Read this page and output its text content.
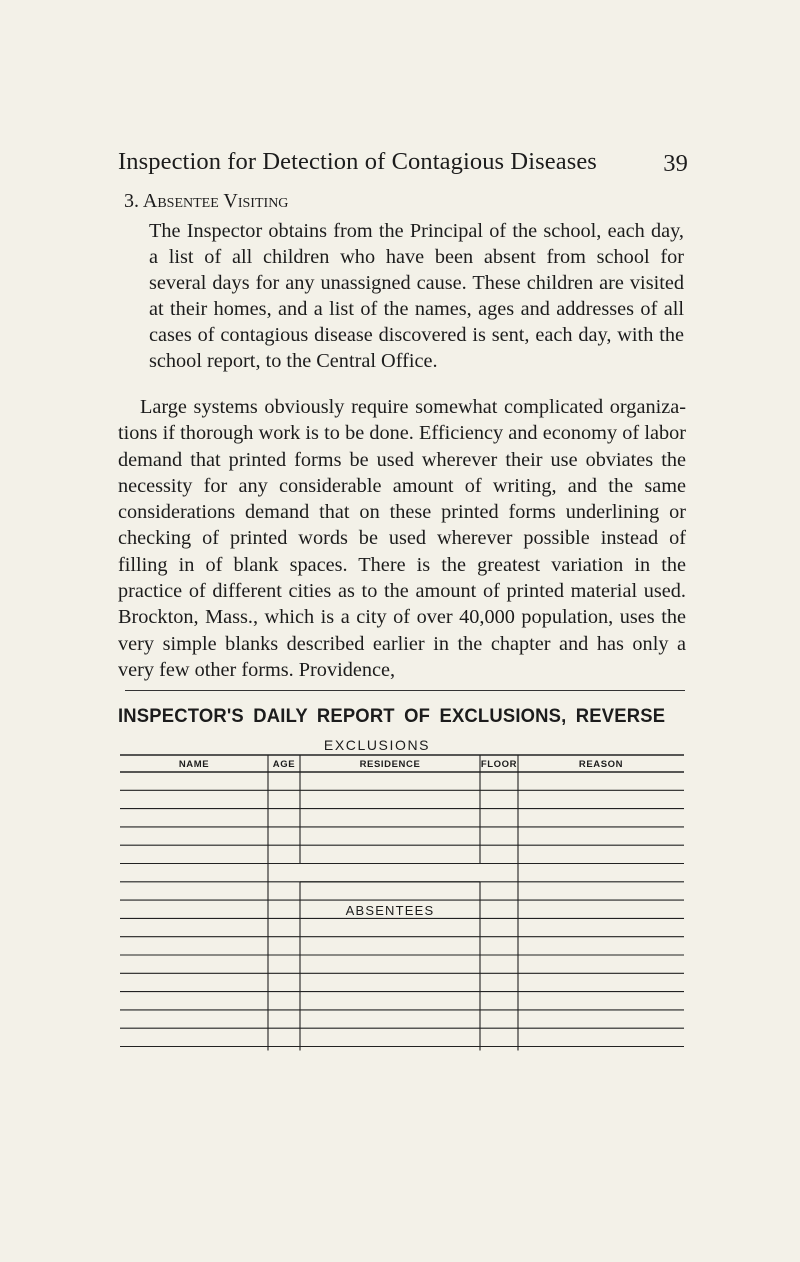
Inspection for Detection of Contagious Diseases	39
3. Absentee Visiting
The Inspector obtains from the Principal of the school, each day, a list of all children who have been absent from school for several days for any unassigned cause. These children are visited at their homes, and a list of the names, ages and addresses of all cases of contagious disease discovered is sent, each day, with the school report, to the Central Office.
Large systems obviously require somewhat complicated organizations if thorough work is to be done. Efficiency and economy of labor demand that printed forms be used wherever their use obviates the necessity for any considerable amount of writing, and the same considerations demand that on these printed forms underlining or checking of printed words be used wherever possible instead of filling in of blank spaces. There is the greatest variation in the practice of different cities as to the amount of printed material used. Brockton, Mass., which is a city of over 40,000 population, uses the very simple blanks described earlier in the chapter and has only a very few other forms. Providence,
INSPECTOR'S DAILY REPORT OF EXCLUSIONS, REVERSE
EXCLUSIONS
NAME	AGE	RESIDENCE	FLOOR	REASON
ABSENTEES
